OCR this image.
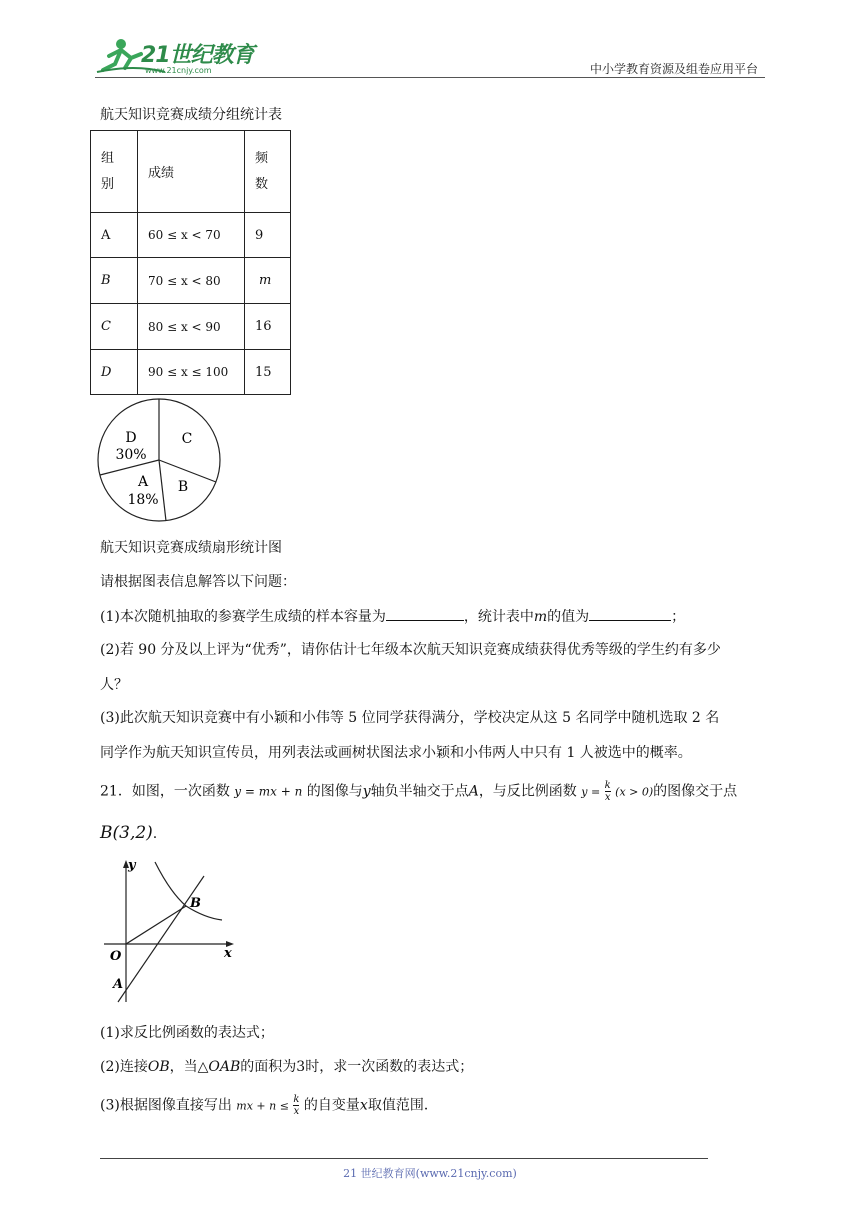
21世纪教育
www.21cnjy.com	中小学教育资源及组卷应用平台
航天知识竞赛成绩分组统计表
组别	成绩	频数
A	60 ≤ x < 70	9
B	70 ≤ x < 80	m
C	80 ≤ x < 90	16
D	90 ≤ x ≤ 100	15
D
30%
C
B
A
18%
航天知识竞赛成绩扇形统计图
请根据图表信息解答以下问题：
(1)本次随机抽取的参赛学生成绩的样本容量为	，统计表中m的值为	；
(2)若 90 分及以上评为“优秀”，请你估计七年级本次航天知识竞赛成绩获得优秀等级的学生约有多少
人？
(3)此次航天知识竞赛中有小颖和小伟等 5 位同学获得满分，学校决定从这 5 名同学中随机选取 2 名
同学作为航天知识宣传员，用列表法或画树状图法求小颖和小伟两人中只有 1 人被选中的概率。
21．如图，一次函数 y = mx + n 的图像与y轴负半轴交于点A，与反比例函数 $y = \frac{k}{x} (x > 0)$的图像交于点
B(3,2).
y
x
O
A
B
(1)求反比例函数的表达式；
(2)连接OB，当△OAB的面积为3时，求一次函数的表达式；
(3)根据图像直接写出 mx + $n \le \frac{k}{x}$ 的自变量x取值范围．
21 世纪教育网(www.21cnjy.com)
